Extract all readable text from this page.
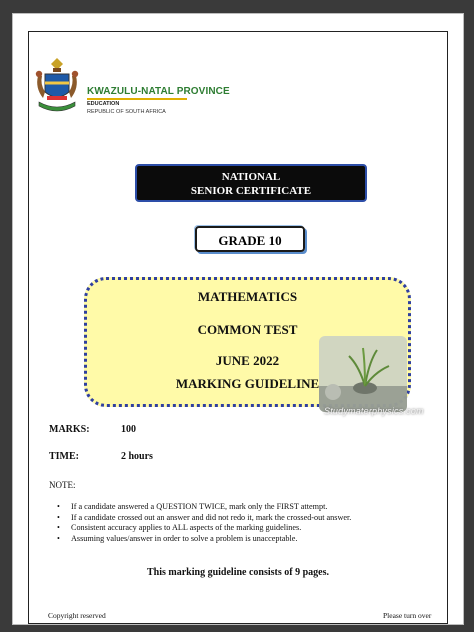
KWAZULU-NATAL PROVINCE
EDUCATION
REPUBLIC OF SOUTH AFRICA
NATIONAL
SENIOR CERTIFICATE
GRADE 10
MATHEMATICS
COMMON TEST
JUNE 2022
MARKING GUIDELINE
Studymaterphysics.com
MARKS:	100
TIME:	2 hours
NOTE:
• If a candidate answered a QUESTION TWICE, mark only the FIRST attempt.
• If a candidate crossed out an answer and did not redo it, mark the crossed-out answer.
• Consistent accuracy applies to ALL aspects of the marking guidelines.
• Assuming values/answer in order to solve a problem is unacceptable.
This marking guideline consists of 9 pages.
Copyright reserved	Please turn over
